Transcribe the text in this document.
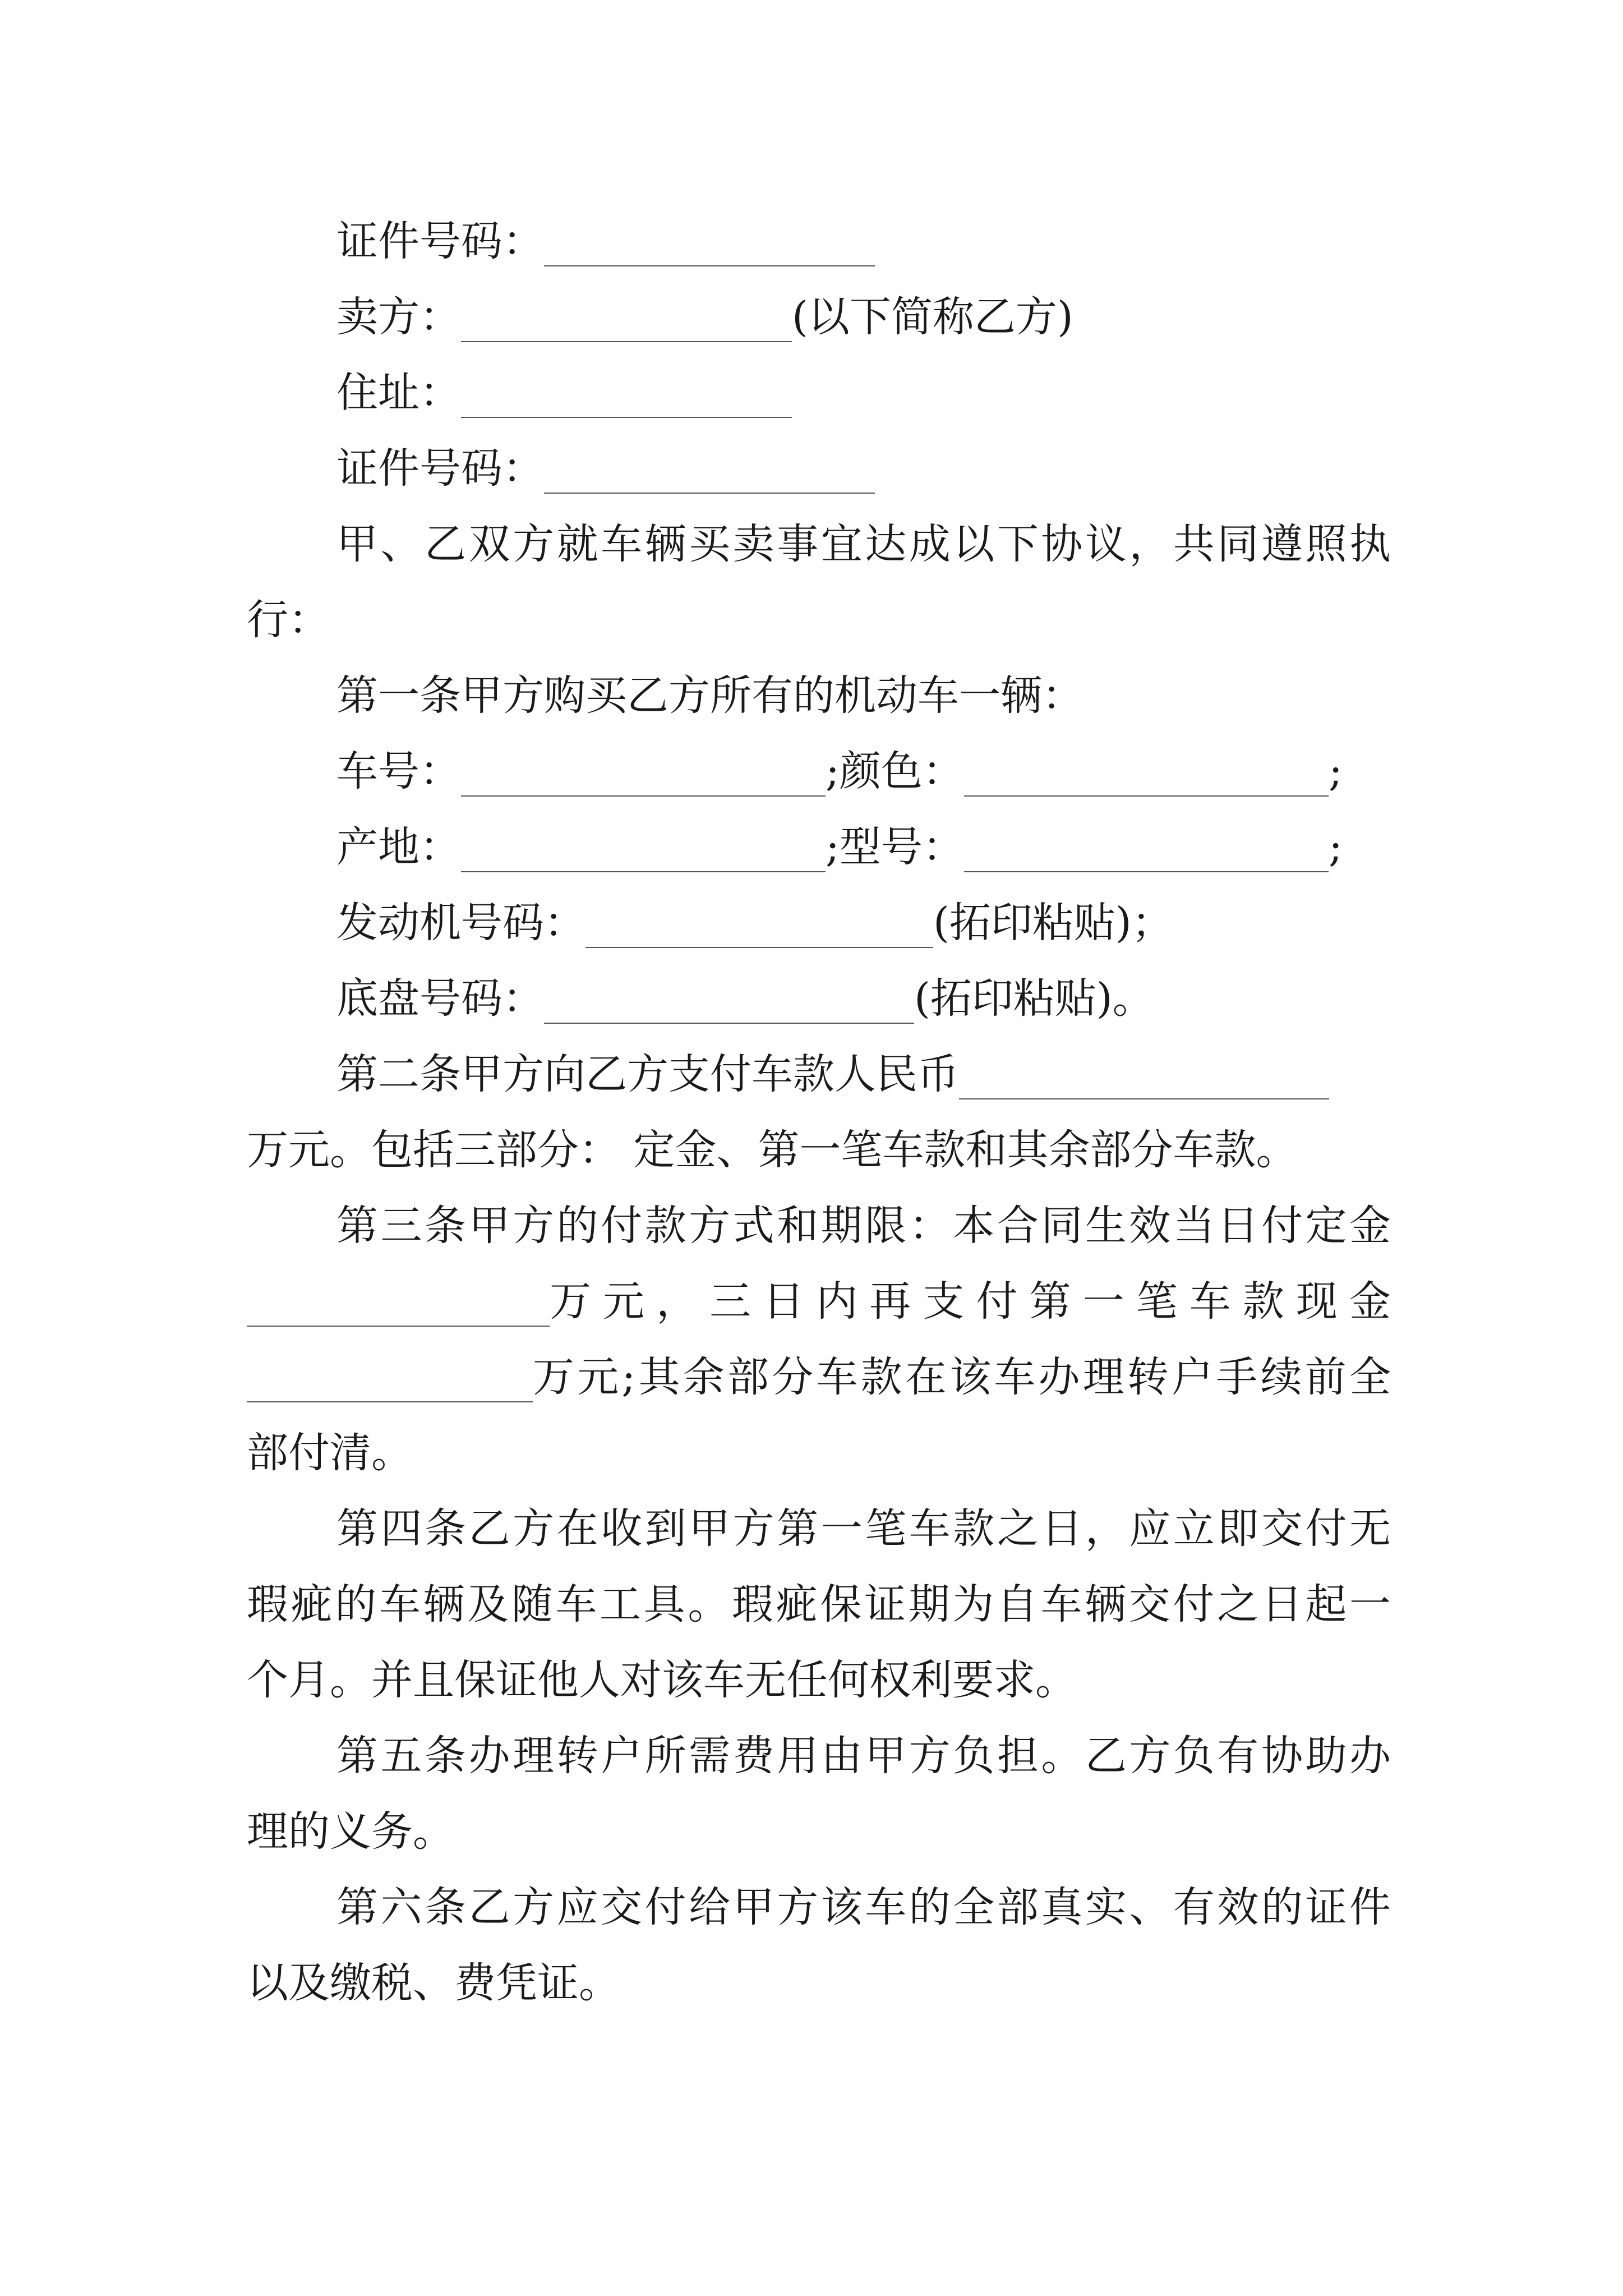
证件号码：
卖方：	(以下简称乙方)
住址：
证件号码：
甲、乙双方就车辆买卖事宜达成以下协议，共同遵照执
行：
第一条甲方购买乙方所有的机动车一辆：
车号：	;颜色：	;
产地：	;型号：	;
发动机号码：	(拓印粘贴)；
底盘号码：	(拓印粘贴)。
第二条甲方向乙方支付车款人民币
万元。包括三部分： 定金、第一笔车款和其余部分车款。
第三条甲方的付款方式和期限：本合同生效当日付定金
万元，三日内再支付第一笔车款现金
万元;其余部分车款在该车办理转户手续前全
部付清。
第四条乙方在收到甲方第一笔车款之日，应立即交付无
瑕疵的车辆及随车工具。瑕疵保证期为自车辆交付之日起一
个月。并且保证他人对该车无任何权利要求。
第五条办理转户所需费用由甲方负担。乙方负有协助办
理的义务。
第六条乙方应交付给甲方该车的全部真实、有效的证件
以及缴税、费凭证。
